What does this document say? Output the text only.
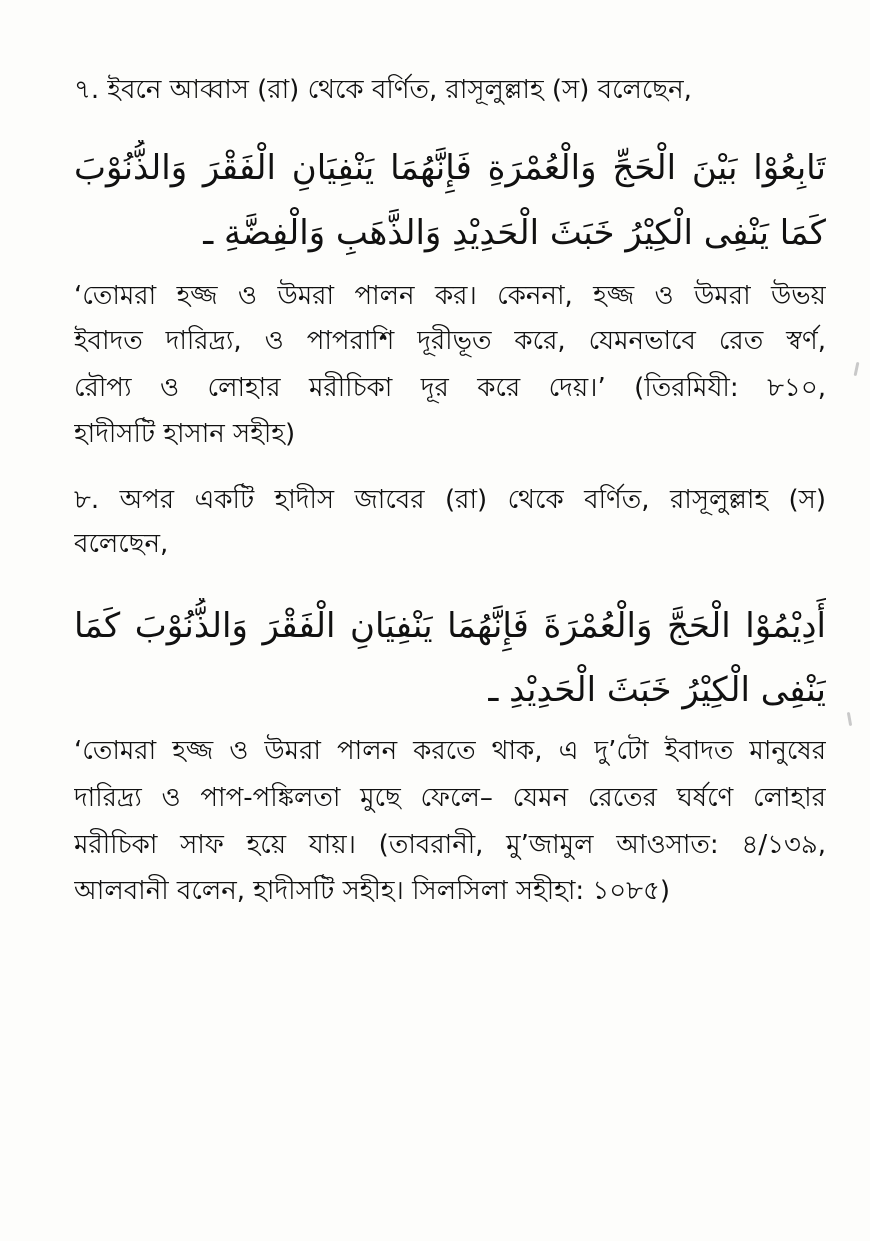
৭. ইবনে আব্বাস (রা) থেকে বর্ণিত, রাসূলুল্লাহ (স) বলেছেন,
تَابِعُوْا بَيْنَ الْحَجِّ وَالْعُمْرَةِ فَإِنَّهُمَا يَنْفِيَانِ الْفَقْرَ وَالذُّنُوْبَ
كَمَا يَنْفِى الْكِيْرُ خَبَثَ الْحَدِيْدِ وَالذَّهَبِ وَالْفِضَّةِ ـ
‘তোমরা হজ্জ ও উমরা পালন কর। কেননা, হজ্জ ও উমরা উভয়
ইবাদত দারিদ্র্য, ও পাপরাশি দূরীভূত করে, যেমনভাবে রেত স্বর্ণ,
রৌপ্য ও লোহার মরীচিকা দূর করে দেয়।’ (তিরমিযী: ৮১০,
হাদীসটি হাসান সহীহ)
৮. অপর একটি হাদীস জাবের (রা) থেকে বর্ণিত, রাসূলুল্লাহ (স)
বলেছেন,
أَدِيْمُوْا الْحَجَّ وَالْعُمْرَةَ فَإِنَّهُمَا يَنْفِيَانِ الْفَقْرَ وَالذُّنُوْبَ كَمَا
يَنْفِى الْكِيْرُ خَبَثَ الْحَدِيْدِ ـ
‘তোমরা হজ্জ ও উমরা পালন করতে থাক, এ দু’টো ইবাদত মানুষের
দারিদ্র্য ও পাপ-পঙ্কিলতা মুছে ফেলে– যেমন রেতের ঘর্ষণে লোহার
মরীচিকা সাফ হয়ে যায়। (তাবরানী, মু’জামুল আওসাত: ৪/১৩৯,
আলবানী বলেন, হাদীসটি সহীহ। সিলসিলা সহীহা: ১০৮৫)
